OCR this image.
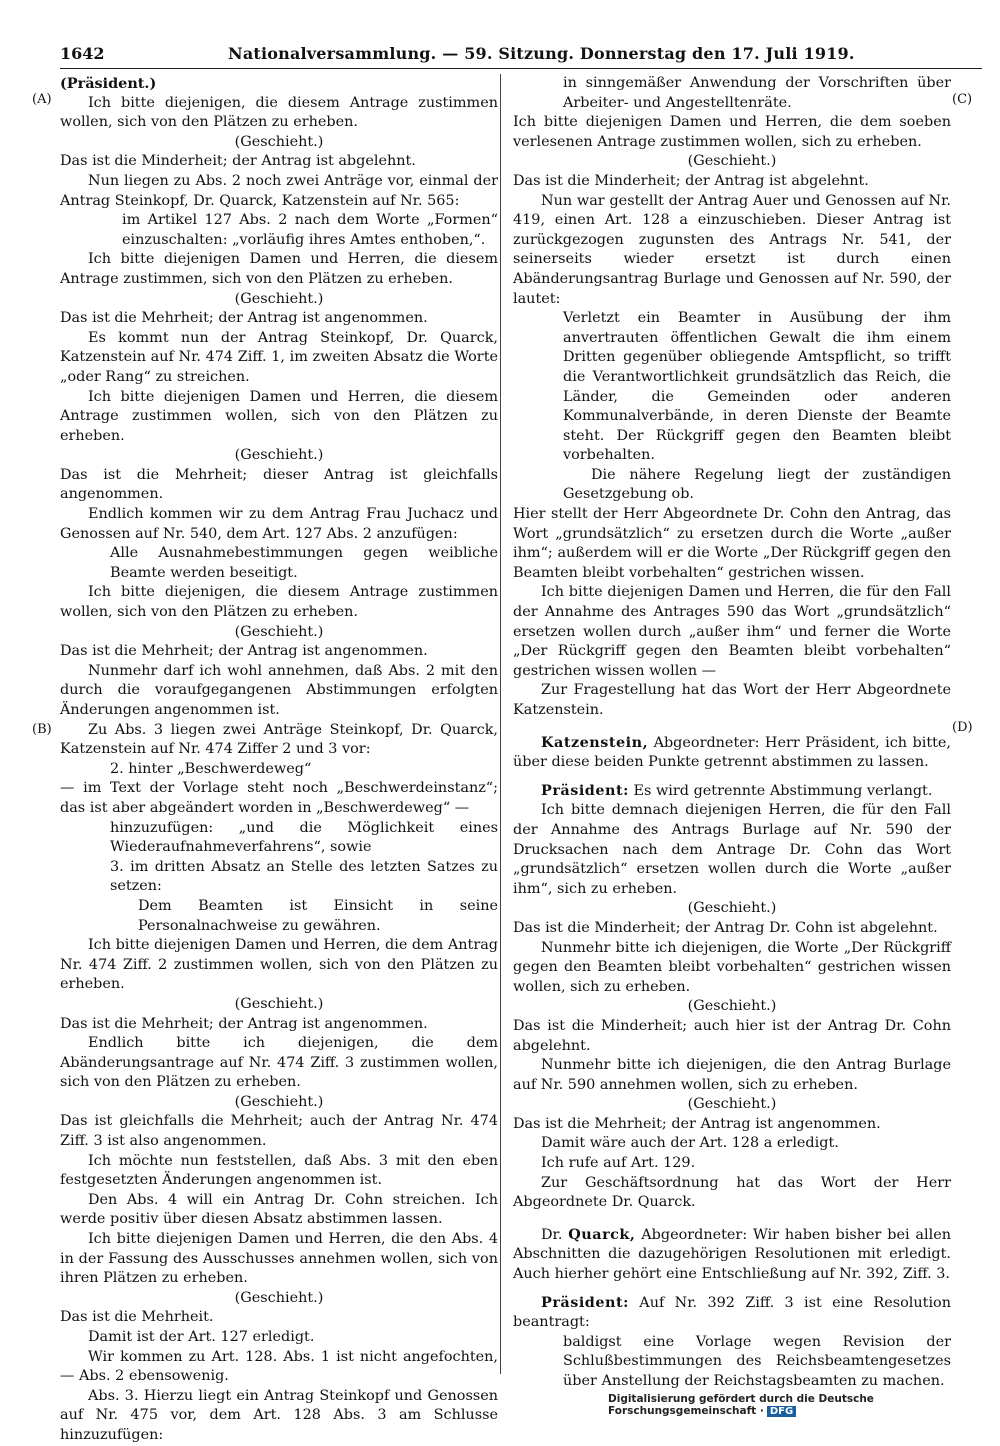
1642	Nationalversammlung. — 59. Sitzung. Donnerstag den 17. Juli 1919.
(A)
(B)
(C)
(D)

(Präsident.)

Ich bitte diejenigen, die diesem Antrage zustimmen wollen, sich von den Plätzen zu erheben.

(Geschieht.)

Das ist die Minderheit; der Antrag ist abgelehnt.

Nun liegen zu Abs. 2 noch zwei Anträge vor, einmal der Antrag Steinkopf, Dr. Quarck, Katzenstein auf Nr. 565:

im Artikel 127 Abs. 2 nach dem Worte „Formen“ einzuschalten: „vorläufig ihres Amtes enthoben,“.

Ich bitte diejenigen Damen und Herren, die diesem Antrage zustimmen, sich von den Plätzen zu erheben.

(Geschieht.)

Das ist die Mehrheit; der Antrag ist angenommen.

Es kommt nun der Antrag Steinkopf, Dr. Quarck, Katzenstein auf Nr. 474 Ziff. 1, im zweiten Absatz die Worte „oder Rang“ zu streichen.

Ich bitte diejenigen Damen und Herren, die diesem Antrage zustimmen wollen, sich von den Plätzen zu erheben.

(Geschieht.)

Das ist die Mehrheit; dieser Antrag ist gleichfalls angenommen.

Endlich kommen wir zu dem Antrag Frau Juchacz und Genossen auf Nr. 540, dem Art. 127 Abs. 2 anzufügen:

Alle Ausnahmebestimmungen gegen weibliche Beamte werden beseitigt.

Ich bitte diejenigen, die diesem Antrage zustimmen wollen, sich von den Plätzen zu erheben.

(Geschieht.)

Das ist die Mehrheit; der Antrag ist angenommen.

Nunmehr darf ich wohl annehmen, daß Abs. 2 mit den durch die voraufgegangenen Abstimmungen erfolgten Änderungen angenommen ist.

Zu Abs. 3 liegen zwei Anträge Steinkopf, Dr. Quarck, Katzenstein auf Nr. 474 Ziffer 2 und 3 vor:

2. hinter „Beschwerdeweg“

— im Text der Vorlage steht noch „Beschwerdeinstanz“; das ist aber abgeändert worden in „Beschwerdeweg“ —

hinzuzufügen: „und die Möglichkeit eines Wiederaufnahmeverfahrens“, sowie

3. im dritten Absatz an Stelle des letzten Satzes zu setzen:

Dem Beamten ist Einsicht in seine Personalnachweise zu gewähren.

Ich bitte diejenigen Damen und Herren, die dem Antrag Nr. 474 Ziff. 2 zustimmen wollen, sich von den Plätzen zu erheben.

(Geschieht.)

Das ist die Mehrheit; der Antrag ist angenommen.

Endlich bitte ich diejenigen, die dem Abänderungsantrage auf Nr. 474 Ziff. 3 zustimmen wollen, sich von den Plätzen zu erheben.

(Geschieht.)

Das ist gleichfalls die Mehrheit; auch der Antrag Nr. 474 Ziff. 3 ist also angenommen.

Ich möchte nun feststellen, daß Abs. 3 mit den eben festgesetzten Änderungen angenommen ist.

Den Abs. 4 will ein Antrag Dr. Cohn streichen. Ich werde positiv über diesen Absatz abstimmen lassen.

Ich bitte diejenigen Damen und Herren, die den Abs. 4 in der Fassung des Ausschusses annehmen wollen, sich von ihren Plätzen zu erheben.

(Geschieht.)

Das ist die Mehrheit.

Damit ist der Art. 127 erledigt.

Wir kommen zu Art. 128. Abs. 1 ist nicht angefochten, — Abs. 2 ebensowenig.

Abs. 3. Hierzu liegt ein Antrag Steinkopf und Genossen auf Nr. 475 vor, dem Art. 128 Abs. 3 am Schlusse hinzuzufügen:

in sinngemäßer Anwendung der Vorschriften über Arbeiter- und Angestelltenräte.

Ich bitte diejenigen Damen und Herren, die dem soeben verlesenen Antrage zustimmen wollen, sich zu erheben.

(Geschieht.)

Das ist die Minderheit; der Antrag ist abgelehnt.

Nun war gestellt der Antrag Auer und Genossen auf Nr. 419, einen Art. 128 a einzuschieben. Dieser Antrag ist zurückgezogen zugunsten des Antrags Nr. 541, der seinerseits wieder ersetzt ist durch einen Abänderungsantrag Burlage und Genossen auf Nr. 590, der lautet:

Verletzt ein Beamter in Ausübung der ihm anvertrauten öffentlichen Gewalt die ihm einem Dritten gegenüber obliegende Amtspflicht, so trifft die Verantwortlichkeit grundsätzlich das Reich, die Länder, die Gemeinden oder anderen Kommunalverbände, in deren Dienste der Beamte steht. Der Rückgriff gegen den Beamten bleibt vorbehalten.

Die nähere Regelung liegt der zuständigen Gesetzgebung ob.

Hier stellt der Herr Abgeordnete Dr. Cohn den Antrag, das Wort „grundsätzlich“ zu ersetzen durch die Worte „außer ihm“; außerdem will er die Worte „Der Rückgriff gegen den Beamten bleibt vorbehalten“ gestrichen wissen.

Ich bitte diejenigen Damen und Herren, die für den Fall der Annahme des Antrages 590 das Wort „grundsätzlich“ ersetzen wollen durch „außer ihm“ und ferner die Worte „Der Rückgriff gegen den Beamten bleibt vorbehalten“ gestrichen wissen wollen —

Zur Fragestellung hat das Wort der Herr Abgeordnete Katzenstein.

Katzenstein, Abgeordneter: Herr Präsident, ich bitte, über diese beiden Punkte getrennt abstimmen zu lassen.

Präsident: Es wird getrennte Abstimmung verlangt.

Ich bitte demnach diejenigen Herren, die für den Fall der Annahme des Antrags Burlage auf Nr. 590 der Drucksachen nach dem Antrage Dr. Cohn das Wort „grundsätzlich“ ersetzen wollen durch die Worte „außer ihm“, sich zu erheben.

(Geschieht.)

Das ist die Minderheit; der Antrag Dr. Cohn ist abgelehnt.

Nunmehr bitte ich diejenigen, die Worte „Der Rückgriff gegen den Beamten bleibt vorbehalten“ gestrichen wissen wollen, sich zu erheben.

(Geschieht.)

Das ist die Minderheit; auch hier ist der Antrag Dr. Cohn abgelehnt.

Nunmehr bitte ich diejenigen, die den Antrag Burlage auf Nr. 590 annehmen wollen, sich zu erheben.

(Geschieht.)

Das ist die Mehrheit; der Antrag ist angenommen.

Damit wäre auch der Art. 128 a erledigt.

Ich rufe auf Art. 129.

Zur Geschäftsordnung hat das Wort der Herr Abgeordnete Dr. Quarck.

Dr. Quarck, Abgeordneter: Wir haben bisher bei allen Abschnitten die dazugehörigen Resolutionen mit erledigt. Auch hierher gehört eine Entschließung auf Nr. 392, Ziff. 3.

Präsident: Auf Nr. 392 Ziff. 3 ist eine Resolution beantragt:

baldigst eine Vorlage wegen Revision der Schlußbestimmungen des Reichsbeamtengesetzes über Anstellung der Reichstagsbeamten zu machen.

Digitalisierung gefördert durch die Deutsche Forschungsgemeinschaft · DFG
